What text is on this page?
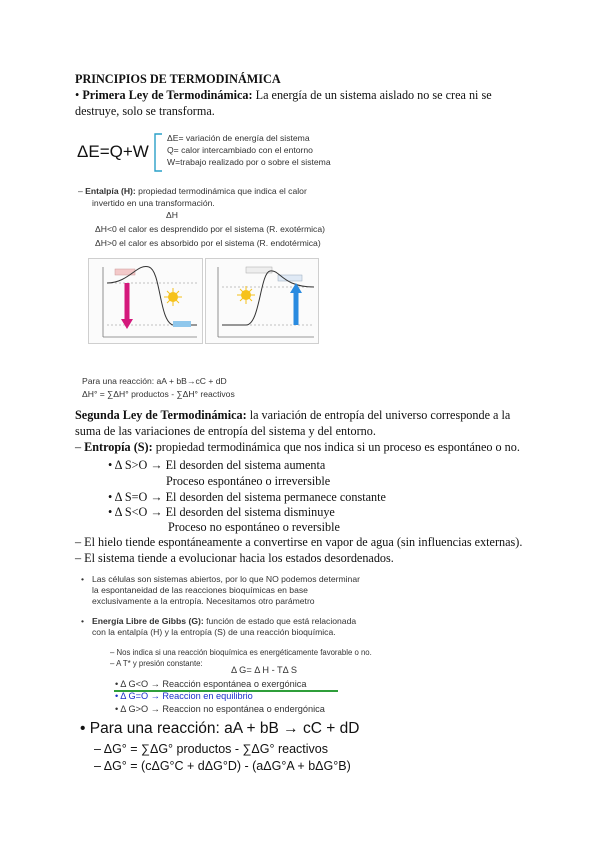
PRINCIPIOS DE TERMODINÁMICA
• Primera Ley de Termodinámica: La energía de un sistema aislado no se crea ni se
destruye, solo se transforma.
ΔE=Q+W
ΔE= variación de energía del sistema
Q= calor intercambiado con el entorno
W=trabajo realizado por o sobre el sistema
– Entalpía (H): propiedad termodinámica que indica el calor
invertido en una transformación.
ΔH
ΔH<0 el calor es desprendido por el sistema (R. exotérmica)
ΔH>0 el calor es absorbido por el sistema (R. endotérmica)
Para una reacción: aA + bB→cC + dD
ΔH° = ∑ΔH° productos - ∑ΔH° reactivos
Segunda Ley de Termodinámica: la variación de entropía del universo corresponde a la
suma de las variaciones de entropía del sistema y del entorno.
– Entropía (S): propiedad termodinámica que nos indica si un proceso es espontáneo o no.
• Δ S>O → El desorden del sistema aumenta
Proceso espontáneo o irreversible
• Δ S=O → El desorden del sistema permanece constante
• Δ S<O → El desorden del sistema disminuye
Proceso no espontáneo o reversible
– El hielo tiende espontáneamente a convertirse en vapor de agua (sin influencias externas).
– El sistema tiende a evolucionar hacia los estados desordenados.
Las células son sistemas abiertos, por lo que NO podemos determinar
la espontaneidad de las reacciones bioquímicas en base
exclusivamente a la entropía. Necesitamos otro parámetro
•
• Energía Libre de Gibbs (G): función de estado que está relacionada
con la entalpía (H) y la entropía (S) de una reacción bioquímica.
– Nos indica si una reacción bioquímica es energéticamente favorable o no.
– A T* y presión constante:
Δ G= Δ H - TΔ S
• Δ G<O → Reacción espontánea o exergónica
• Δ G=O → Reaccion en equilibrio
• Δ G>O → Reaccion no espontánea o endergónica
• Para una reacción: aA + bB → cC + dD
– ΔG° = ∑ΔG° productos - ∑ΔG° reactivos
– ΔG° = (cΔG°C + dΔG°D) - (aΔG°A + bΔG°B)
